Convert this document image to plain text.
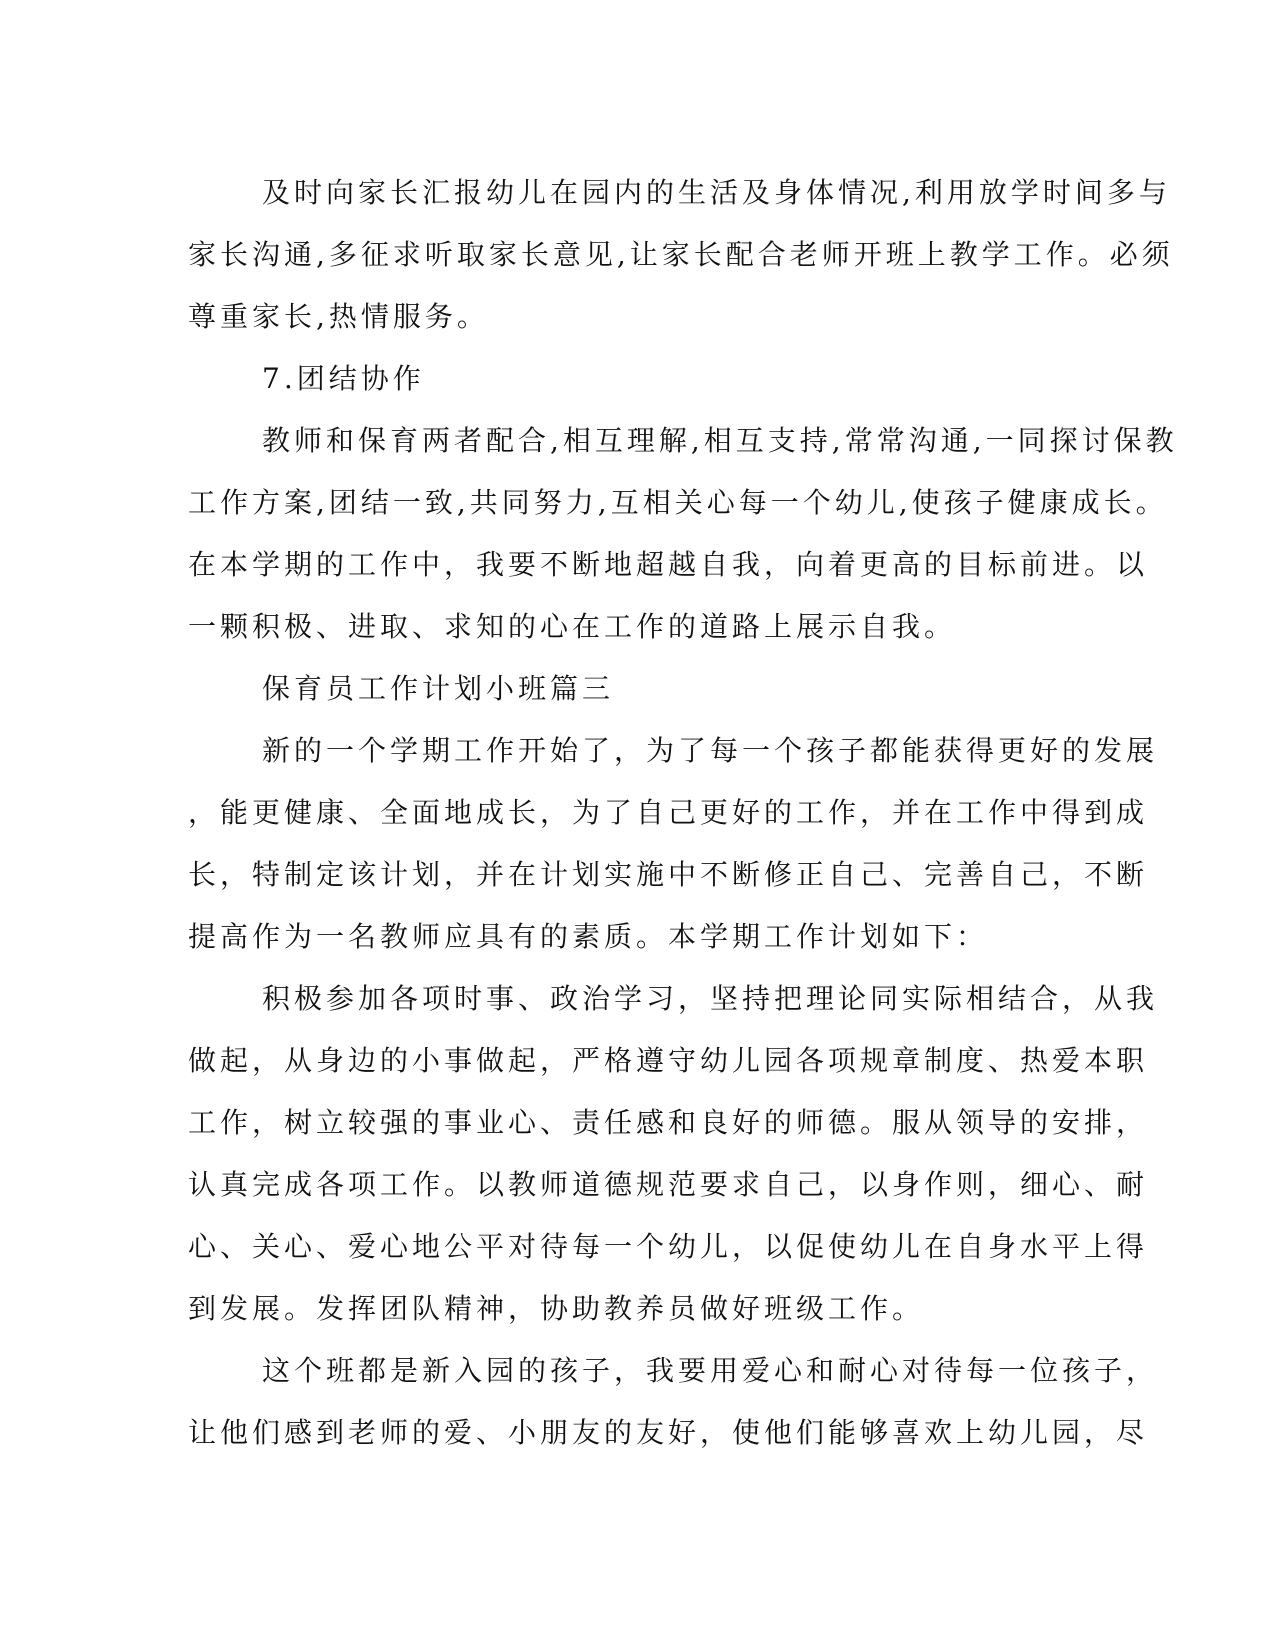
及时向家长汇报幼儿在园内的生活及身体情况,利用放学时间多与
家长沟通,多征求听取家长意见,让家长配合老师开班上教学工作。必须
尊重家长,热情服务。

7.团结协作

教师和保育两者配合,相互理解,相互支持,常常沟通,一同探讨保教
工作方案,团结一致,共同努力,互相关心每一个幼儿,使孩子健康成长。
在本学期的工作中，我要不断地超越自我，向着更高的目标前进。以
一颗积极、进取、求知的心在工作的道路上展示自我。

保育员工作计划小班篇三

新的一个学期工作开始了，为了每一个孩子都能获得更好的发展
，能更健康、全面地成长，为了自己更好的工作，并在工作中得到成
长，特制定该计划，并在计划实施中不断修正自己、完善自己，不断
提高作为一名教师应具有的素质。本学期工作计划如下：

积极参加各项时事、政治学习，坚持把理论同实际相结合，从我
做起，从身边的小事做起，严格遵守幼儿园各项规章制度、热爱本职
工作，树立较强的事业心、责任感和良好的师德。服从领导的安排，
认真完成各项工作。以教师道德规范要求自己，以身作则，细心、耐
心、关心、爱心地公平对待每一个幼儿，以促使幼儿在自身水平上得
到发展。发挥团队精神，协助教养员做好班级工作。

这个班都是新入园的孩子，我要用爱心和耐心对待每一位孩子，
让他们感到老师的爱、小朋友的友好，使他们能够喜欢上幼儿园，尽
